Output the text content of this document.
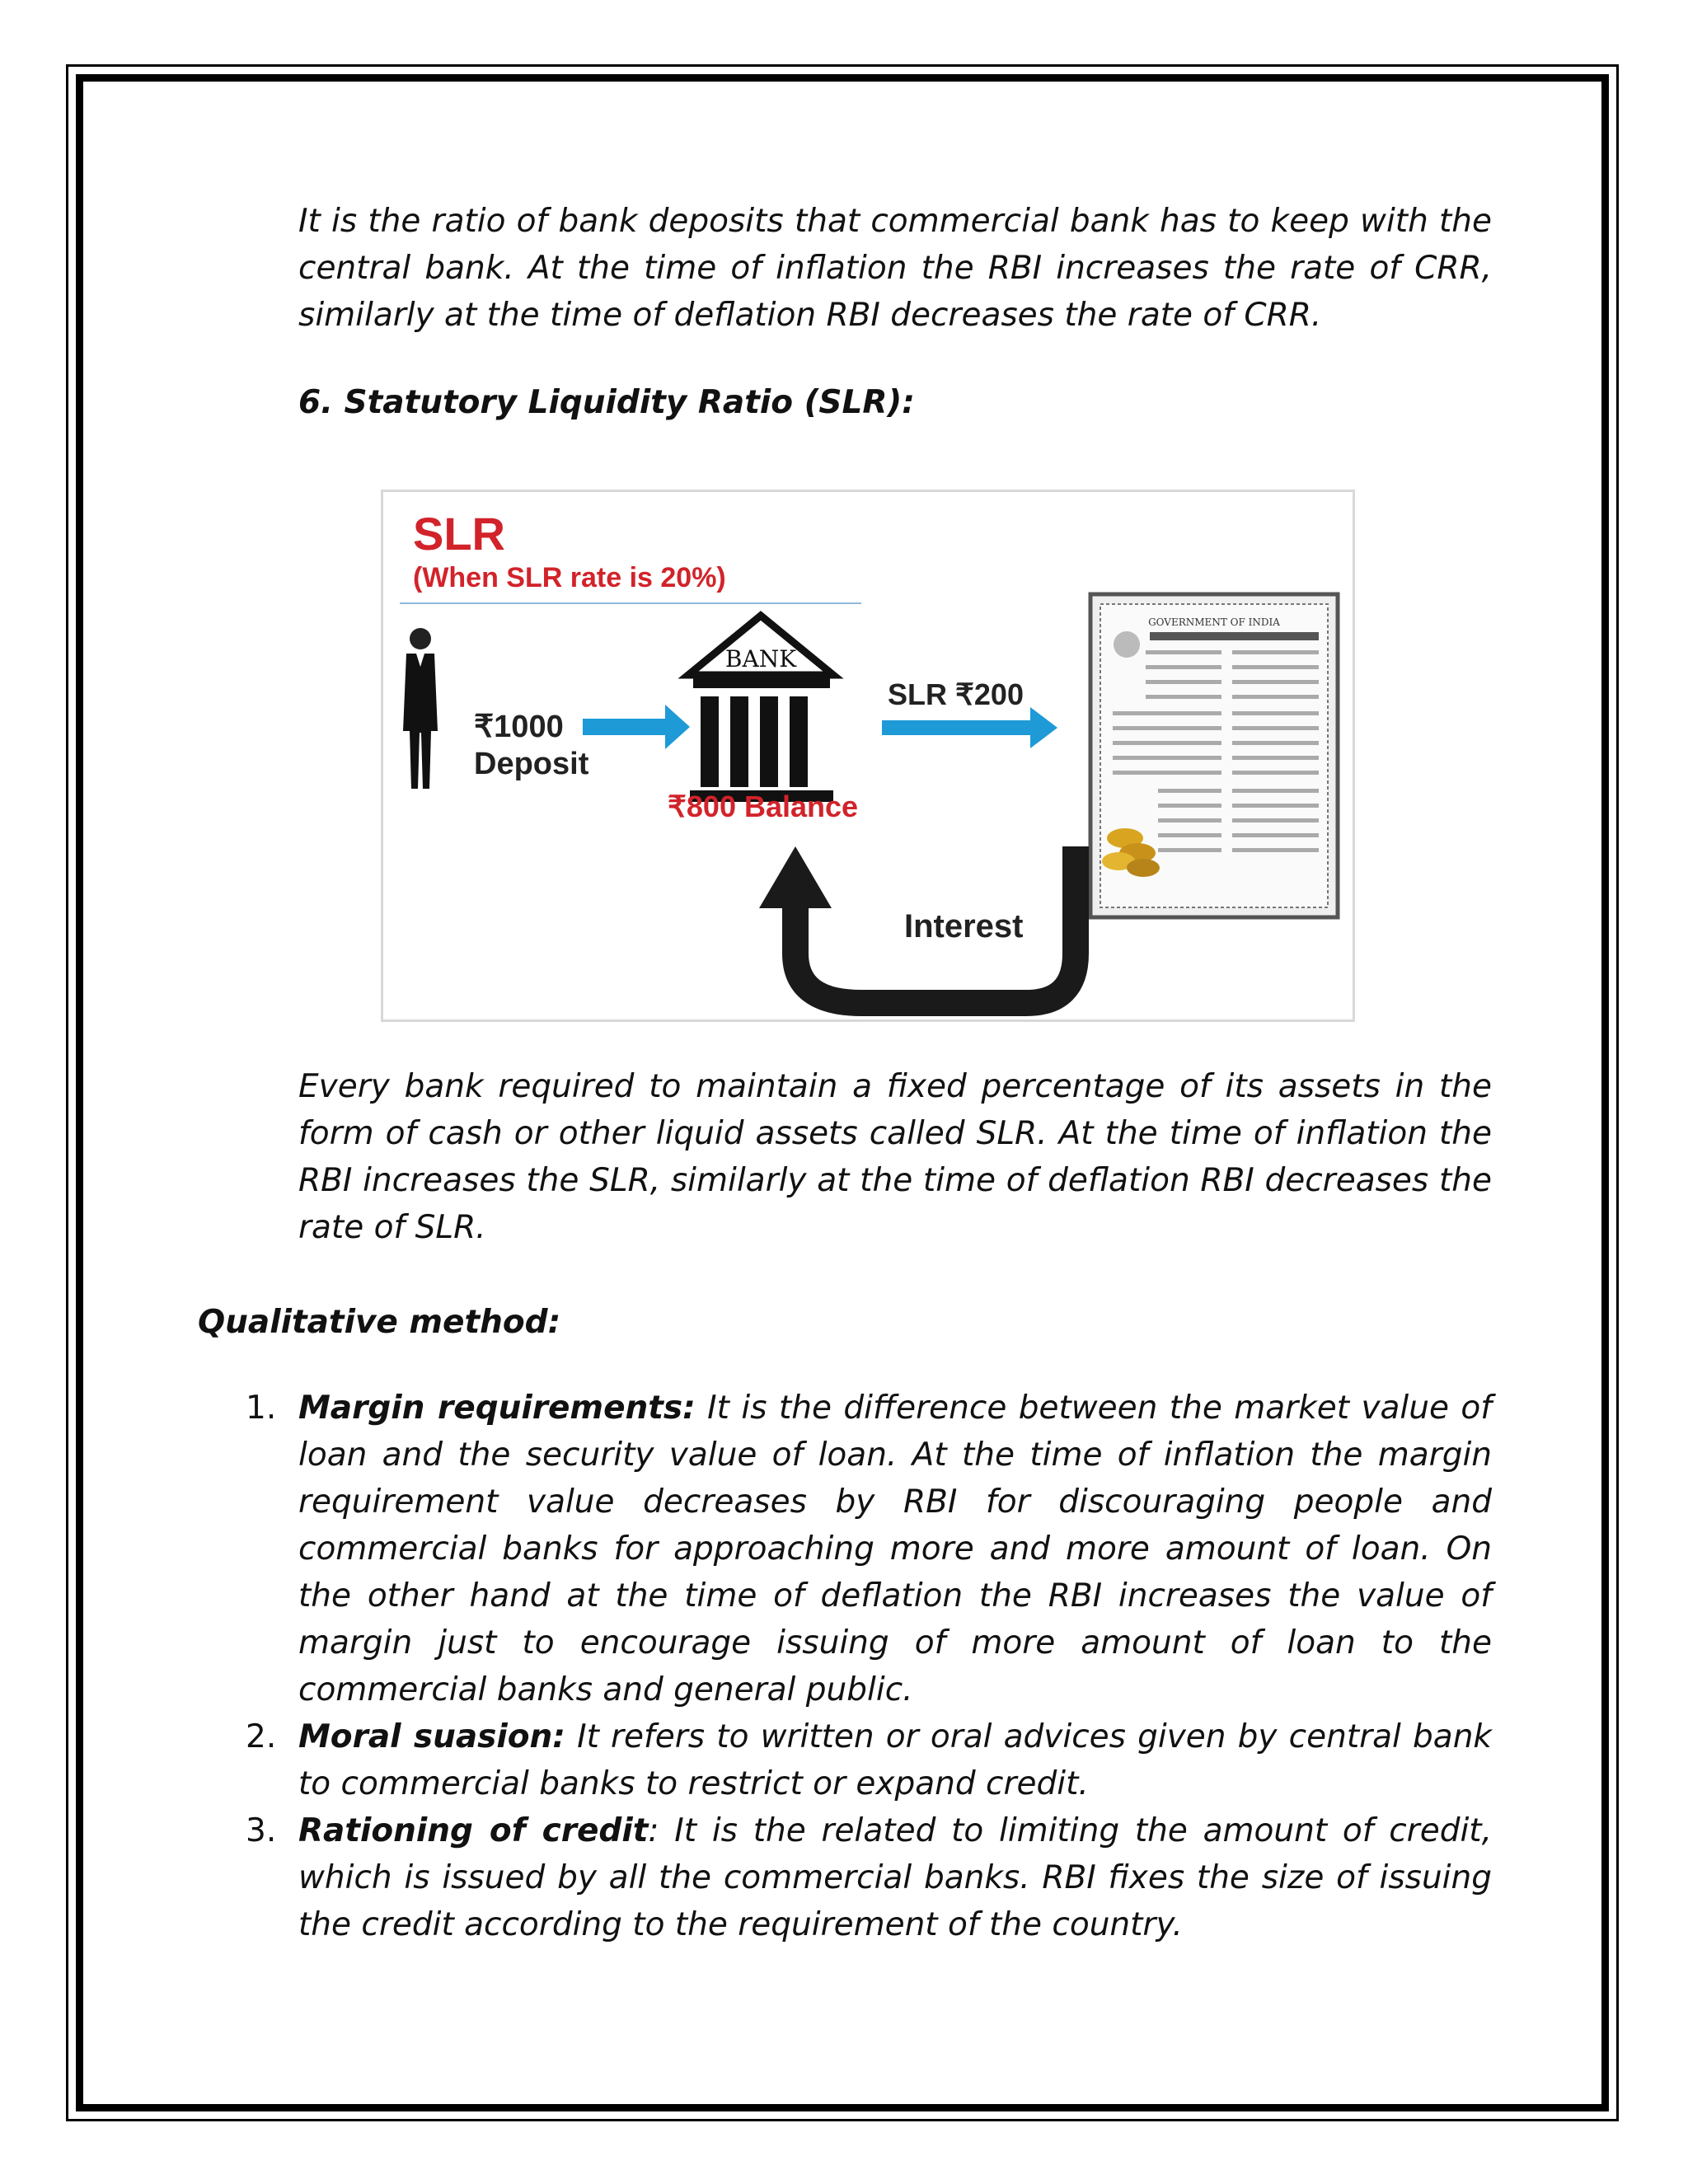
It is the ratio of bank deposits that commercial bank has to keep with the central bank. At the time of inflation the RBI increases the rate of CRR, similarly at the time of deflation RBI decreases the rate of CRR.

6. Statutory Liquidity Ratio (SLR):
SLR
(When SLR rate is 20%)
₹1000
Deposit
BANK
₹800 Balance
SLR ₹200
GOVERNMENT OF INDIA
Interest

Every bank required to maintain a fixed percentage of its assets in the form of cash or other liquid assets called SLR. At the time of inflation the RBI increases the SLR, similarly at the time of deflation RBI decreases the rate of SLR.

Qualitative method:
1. Margin requirements: It is the difference between the market value of loan and the security value of loan. At the time of inflation the margin requirement value decreases by RBI for discouraging people and commercial banks for approaching more and more amount of loan. On the other hand at the time of deflation the RBI increases the value of margin just to encourage issuing of more amount of loan to the commercial banks and general public.
2. Moral suasion: It refers to written or oral advices given by central bank to commercial banks to restrict or expand credit.
3. Rationing of credit: It is the related to limiting the amount of credit, which is issued by all the commercial banks. RBI fixes the size of issuing the credit according to the requirement of the country.
